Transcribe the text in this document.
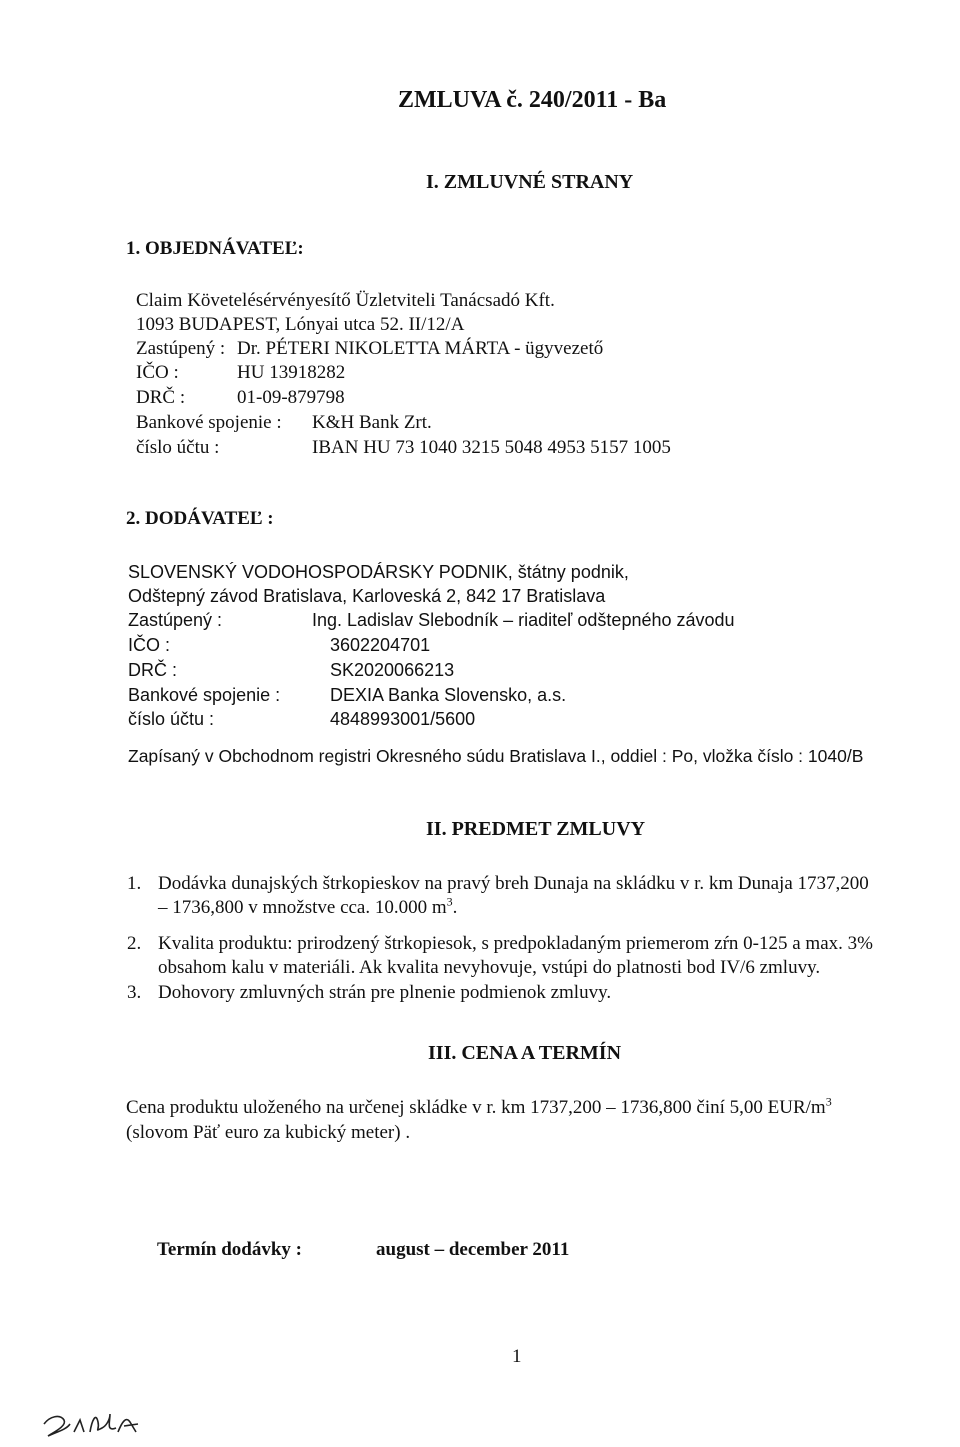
ZMLUVA č. 240/2011 - Ba
I. ZMLUVNÉ STRANY
1. OBJEDNÁVATEĽ:
Claim Követelésérvényesítő Üzletviteli Tanácsadó Kft.
1093 BUDAPEST, Lónyai utca 52. II/12/A
Zastúpený : Dr. PÉTERI NIKOLETTA MÁRTA - ügyvezető
IČO :	HU 13918282
DRČ :	01-09-879798
Bankové spojenie : K&H Bank Zrt.
číslo účtu :	IBAN HU 73 1040 3215 5048 4953 5157 1005
2. DODÁVATEĽ :
SLOVENSKÝ VODOHOSPODÁRSKY PODNIK, štátny podnik,
Odštepný závod Bratislava, Karloveská 2, 842 17 Bratislava
Zastúpený :	Ing. Ladislav Slebodník – riaditeľ odštepného závodu
IČO :	3602204701
DRČ :	SK2020066213
Bankové spojenie :	DEXIA Banka Slovensko, a.s.
číslo účtu :	4848993001/5600
Zapísaný v Obchodnom registri Okresného súdu Bratislava I., oddiel : Po, vložka číslo : 1040/B
II. PREDMET ZMLUVY
1. Dodávka dunajských štrkopieskov na pravý breh Dunaja na skládku v r. km Dunaja 1737,200
– 1736,800 v množstve cca. 10.000 $m^3$.
2. Kvalita produktu: prirodzený štrkopiesok, s predpokladaným priemerom zŕn 0-125 a max. 3%
obsahom kalu v materiáli. Ak kvalita nevyhovuje, vstúpi do platnosti bod IV/6 zmluvy.
3. Dohovory zmluvných strán pre plnenie podmienok zmluvy.
III. CENA A TERMÍN
Cena produktu uloženého na určenej skládke v r. km 1737,200 – 1736,800 činí 5,00 EUR/$m^3$
(slovom Päť euro za kubický meter) .
Termín dodávky :	august – december 2011
1
